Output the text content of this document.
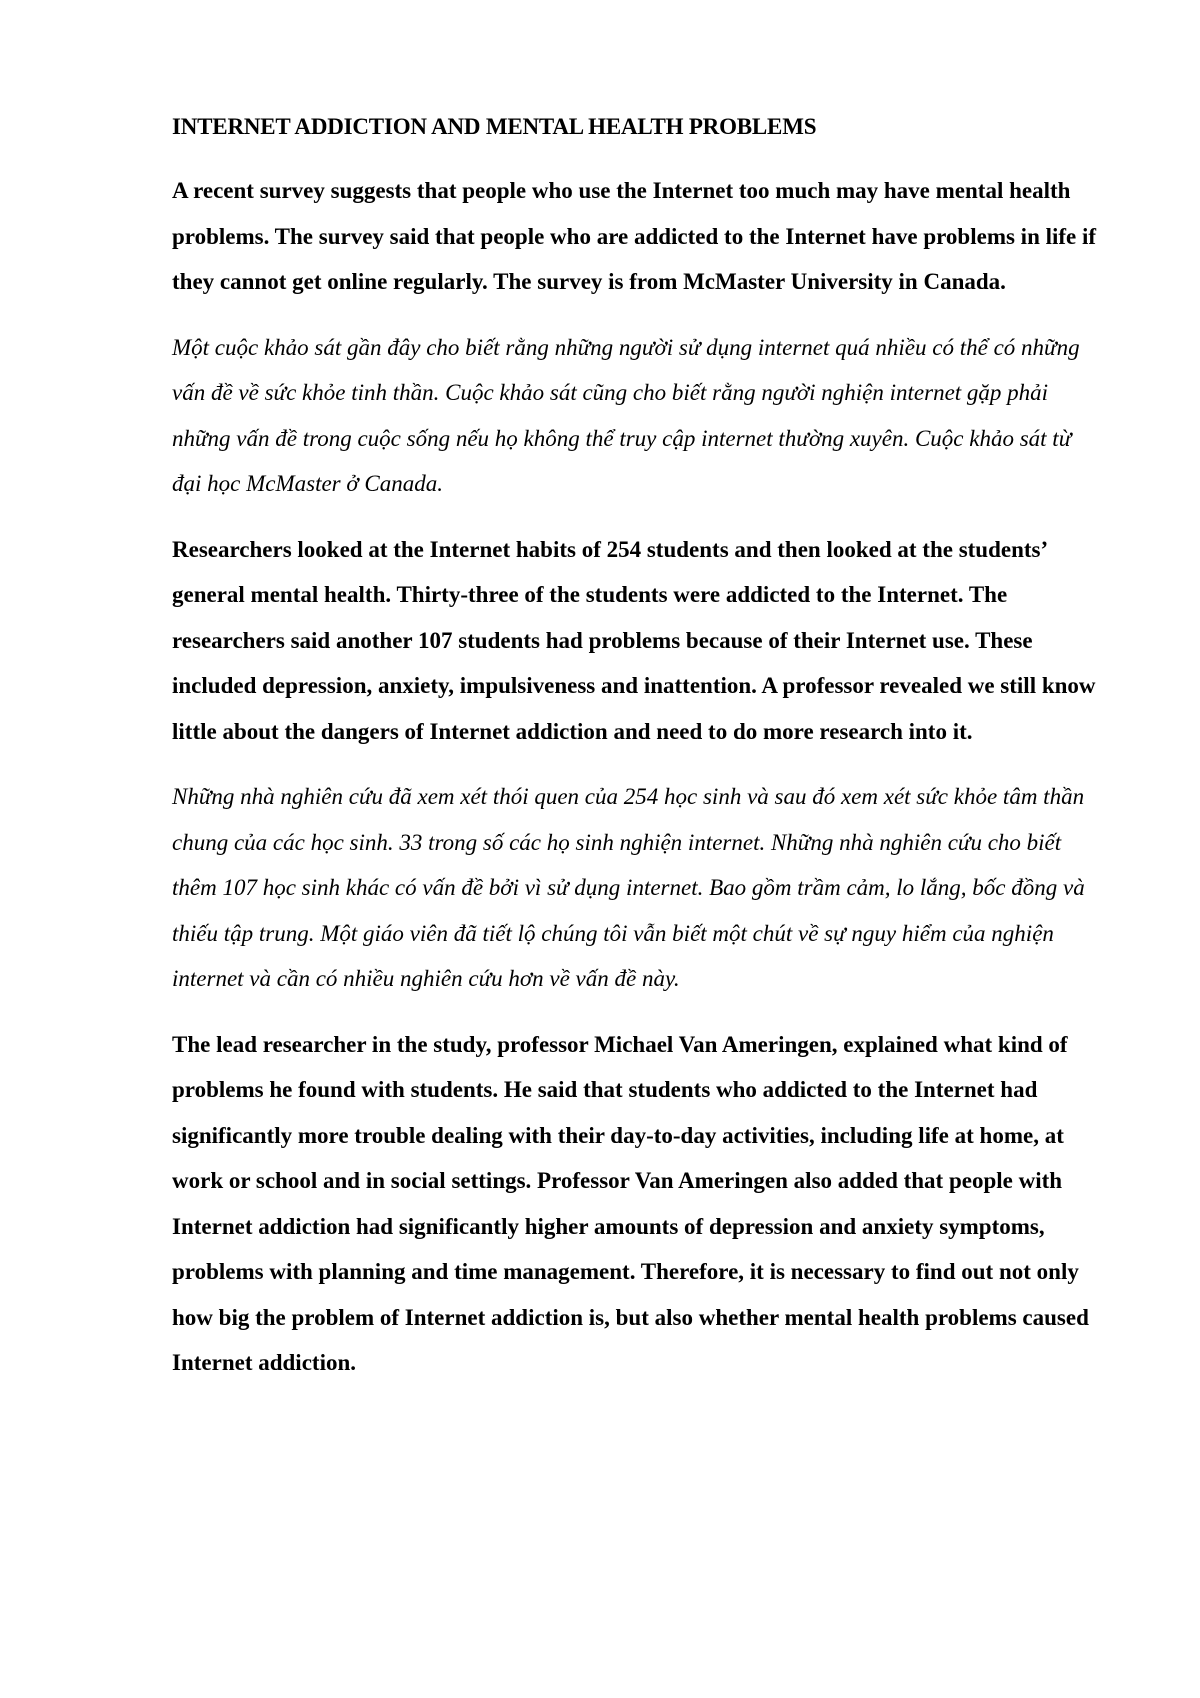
INTERNET ADDICTION AND MENTAL HEALTH PROBLEMS

A recent survey suggests that people who use the Internet too much may have mental health problems. The survey said that people who are addicted to the Internet have problems in life if they cannot get online regularly. The survey is from McMaster University in Canada.

Một cuộc khảo sát gần đây cho biết rằng những người sử dụng internet quá nhiều có thể có những vấn đề về sức khỏe tinh thần. Cuộc khảo sát cũng cho biết rằng người nghiện internet gặp phải những vấn đề trong cuộc sống nếu họ không thể truy cập internet thường xuyên. Cuộc khảo sát từ đại học McMaster ở Canada.

Researchers looked at the Internet habits of 254 students and then looked at the students’ general mental health. Thirty-three of the students were addicted to the Internet. The researchers said another 107 students had problems because of their Internet use. These included depression, anxiety, impulsiveness and inattention. A professor revealed we still know little about the dangers of Internet addiction and need to do more research into it.

Những nhà nghiên cứu đã xem xét thói quen của 254 học sinh và sau đó xem xét sức khỏe tâm thần chung của các học sinh. 33 trong số các họ sinh nghiện internet. Những nhà nghiên cứu cho biết thêm 107 học sinh khác có vấn đề bởi vì sử dụng internet. Bao gồm trầm cảm, lo lắng, bốc đồng và thiếu tập trung. Một giáo viên đã tiết lộ chúng tôi vẫn biết một chút về sự nguy hiểm của nghiện internet và cần có nhiều nghiên cứu hơn về vấn đề này.

The lead researcher in the study, professor Michael Van Ameringen, explained what kind of problems he found with students. He said that students who addicted to the Internet had significantly more trouble dealing with their day-to-day activities, including life at home, at work or school and in social settings. Professor Van Ameringen also added that people with Internet addiction had significantly higher amounts of depression and anxiety symptoms, problems with planning and time management. Therefore, it is necessary to find out not only how big the problem of Internet addiction is, but also whether mental health problems caused Internet addiction.
